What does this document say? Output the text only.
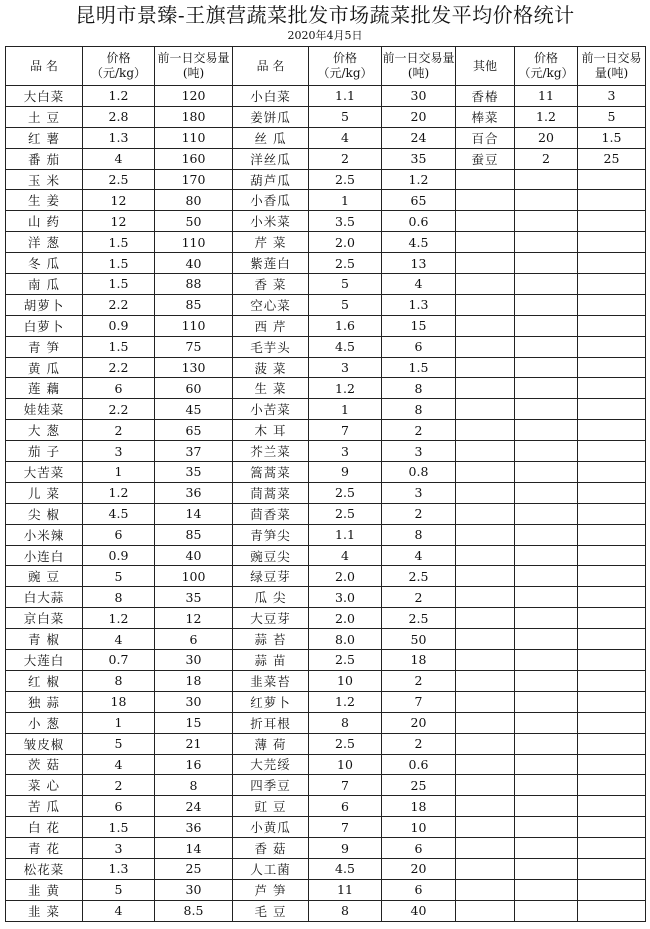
昆明市景臻-王旗营蔬菜批发市场蔬菜批发平均价格统计
2020年4月5日
品 名	价格（元/kg）	前一日交易量(吨)	品 名	价格（元/kg）	前一日交易量(吨)	其他	价格（元/kg）	前一日交易量(吨)
大白菜	1.2	120	小白菜	1.1	30	香椿	11	3
土 豆	2.8	180	姜饼瓜	5	20	棒菜	1.2	5
红 薯	1.3	110	丝 瓜	4	24	百合	20	1.5
番 茄	4	160	洋丝瓜	2	35	蚕豆	2	25
玉 米	2.5	170	葫芦瓜	2.5	1.2			
生 姜	12	80	小香瓜	1	65			
山 药	12	50	小米菜	3.5	0.6			
洋 葱	1.5	110	芹 菜	2.0	4.5			
冬 瓜	1.5	40	紫莲白	2.5	13			
南 瓜	1.5	88	香 菜	5	4			
胡萝卜	2.2	85	空心菜	5	1.3			
白萝卜	0.9	110	西 芹	1.6	15			
青 笋	1.5	75	毛芋头	4.5	6			
黄 瓜	2.2	130	菠 菜	3	1.5			
莲 藕	6	60	生 菜	1.2	8			
娃娃菜	2.2	45	小苦菜	1	8			
大 葱	2	65	木 耳	7	2			
茄 子	3	37	芥兰菜	3	3			
大苦菜	1	35	篙蒿菜	9	0.8			
儿 菜	1.2	36	茼蒿菜	2.5	3			
尖 椒	4.5	14	茴香菜	2.5	2			
小米辣	6	85	青笋尖	1.1	8			
小连白	0.9	40	豌豆尖	4	4			
豌 豆	5	100	绿豆芽	2.0	2.5			
白大蒜	8	35	瓜 尖	3.0	2			
京白菜	1.2	12	大豆芽	2.0	2.5			
青 椒	4	6	蒜 苔	8.0	50			
大莲白	0.7	30	蒜 苗	2.5	18			
红 椒	8	18	韭菜苔	10	2			
独 蒜	18	30	红萝卜	1.2	7			
小 葱	1	15	折耳根	8	20			
皱皮椒	5	21	薄 荷	2.5	2			
茨 菇	4	16	大芫绥	10	0.6			
菜 心	2	8	四季豆	7	25			
苦 瓜	6	24	豇 豆	6	18			
白 花	1.5	36	小黄瓜	7	10			
青 花	3	14	香 菇	9	6			
松花菜	1.3	25	人工菌	4.5	20			
韭 黄	5	30	芦 笋	11	6			
韭 菜	4	8.5	毛 豆	8	40			
